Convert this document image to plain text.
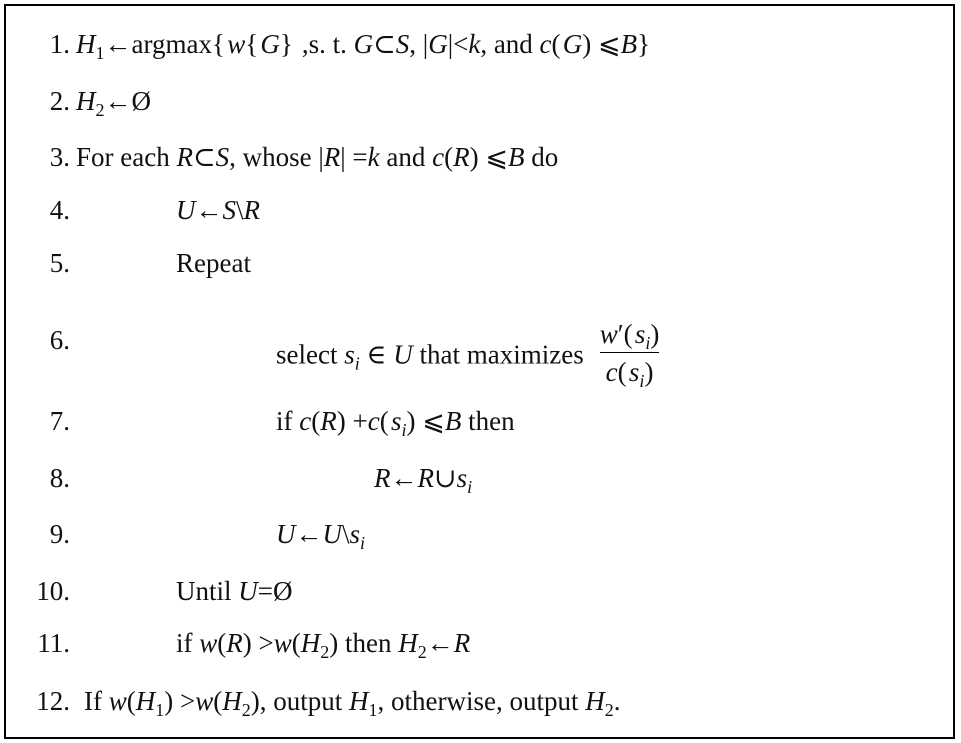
1. $H_1\leftarrow argmax${ w{ G}  ,s. t. G⊂S, |G|<k, and c( G) ⩽B}
2. $H_2\leftarrow Ø$
3. For each R⊂S, whose |R| =k and c(R) ⩽B do
4.	U←S\R
5.	Repeat
6.	select $s_i$ ∈ U that maximizes $\frac{w'( s_i)}{c( s_i)}$
7.	if c(R) +c( $s_i$) ⩽B then
8.	$R\leftarrow R\cup s_i$
9.	$U\leftarrow U\backslash s_i$
10.	Until U=Ø
11.	if $w(R) >w(H_2)$ then $H_2\leftarrow R$
12. If $w(H_1) >w(H_2)$, output $H_1$, otherwise, output $H_2$.
